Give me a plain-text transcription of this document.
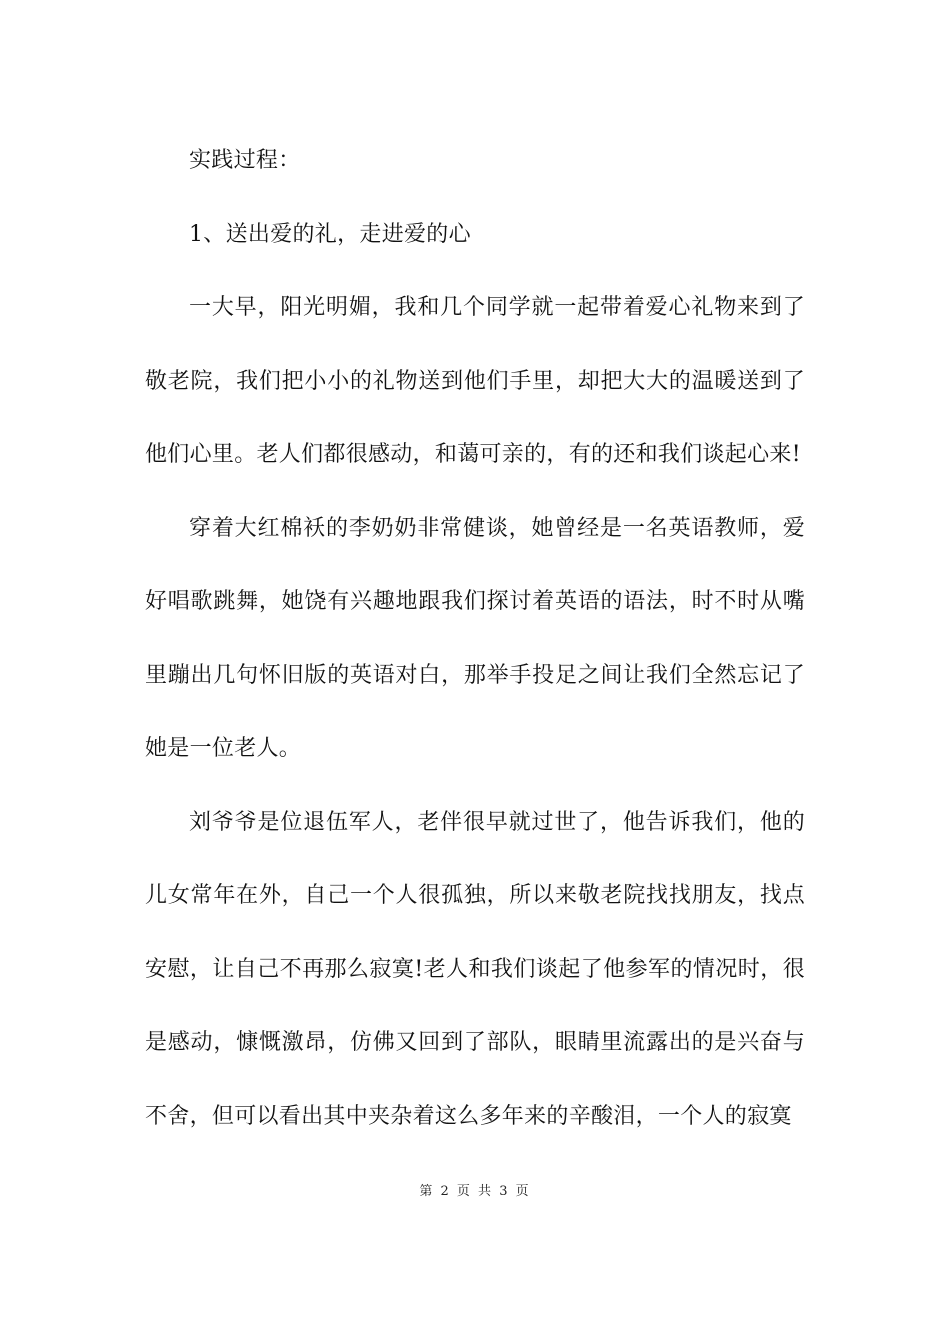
实践过程：

1、送出爱的礼，走进爱的心

一大早，阳光明媚，我和几个同学就一起带着爱心礼物来到了敬老院，我们把小小的礼物送到他们手里，却把大大的温暖送到了他们心里。老人们都很感动，和蔼可亲的，有的还和我们谈起心来!

穿着大红棉袄的李奶奶非常健谈，她曾经是一名英语教师，爱好唱歌跳舞，她饶有兴趣地跟我们探讨着英语的语法，时不时从嘴里蹦出几句怀旧版的英语对白，那举手投足之间让我们全然忘记了她是一位老人。

刘爷爷是位退伍军人，老伴很早就过世了，他告诉我们，他的儿女常年在外，自己一个人很孤独，所以来敬老院找找朋友，找点安慰，让自己不再那么寂寞!老人和我们谈起了他参军的情况时，很是感动，慷慨激昂，仿佛又回到了部队，眼睛里流露出的是兴奋与不舍，但可以看出其中夹杂着这么多年来的辛酸泪，一个人的寂寞

第 2 页 共 3 页
